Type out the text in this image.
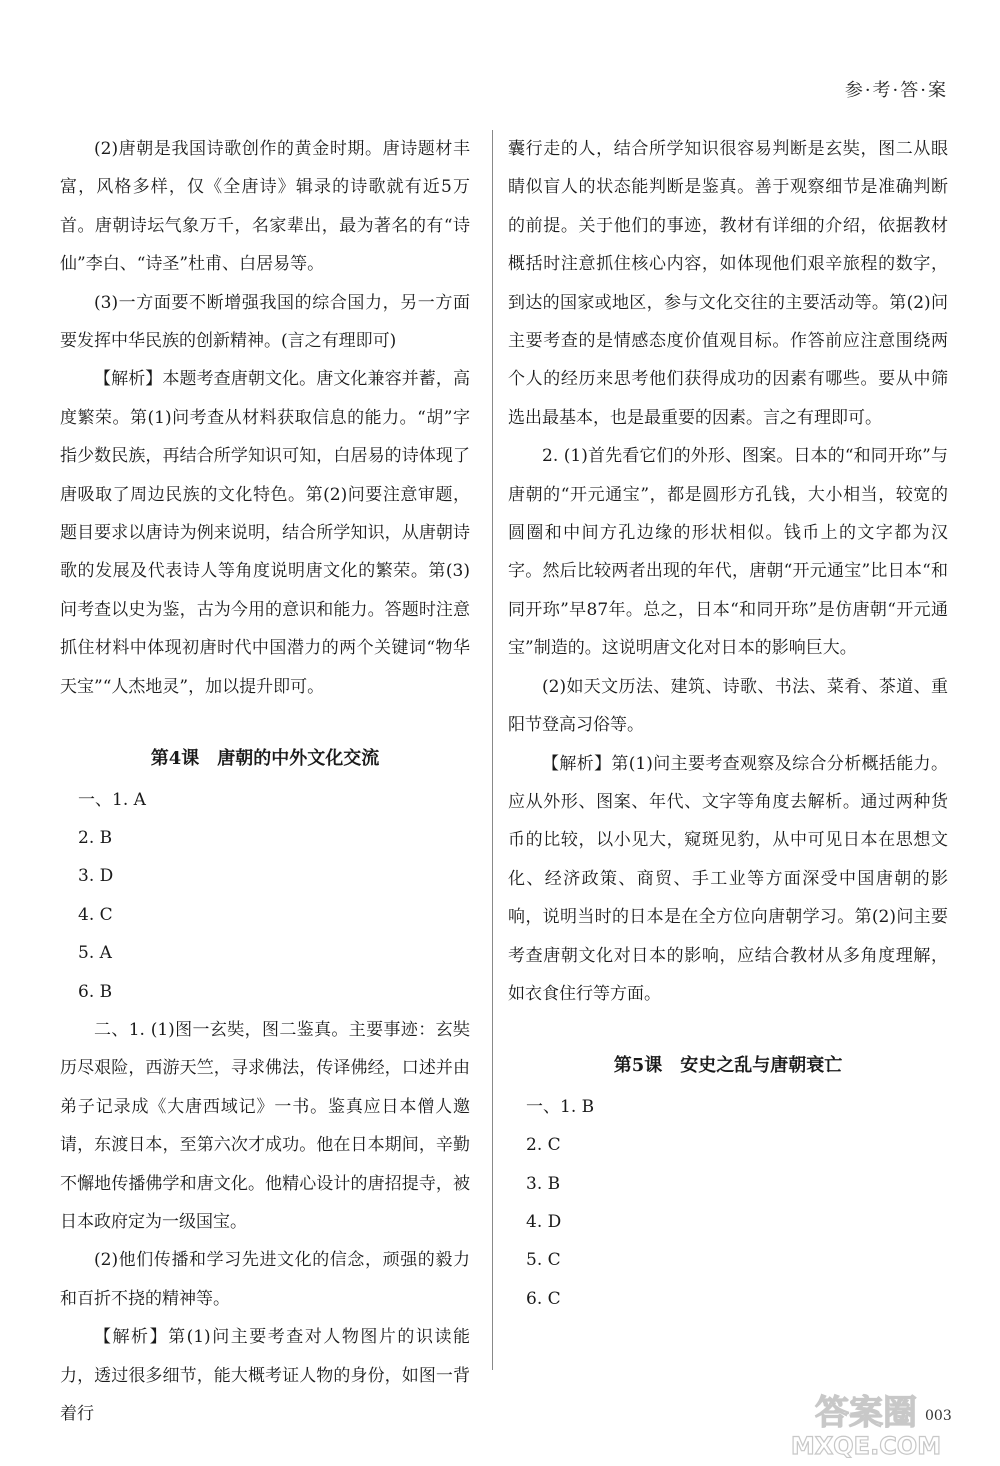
参·考·答·案

(2)唐朝是我国诗歌创作的黄金时期。唐诗题材丰富，风格多样，仅《全唐诗》辑录的诗歌就有近5万首。唐朝诗坛气象万千，名家辈出，最为著名的有“诗仙”李白、“诗圣”杜甫、白居易等。

(3)一方面要不断增强我国的综合国力，另一方面要发挥中华民族的创新精神。(言之有理即可)

【解析】本题考查唐朝文化。唐文化兼容并蓄，高度繁荣。第(1)问考查从材料获取信息的能力。“胡”字指少数民族，再结合所学知识可知，白居易的诗体现了唐吸取了周边民族的文化特色。第(2)问要注意审题，题目要求以唐诗为例来说明，结合所学知识，从唐朝诗歌的发展及代表诗人等角度说明唐文化的繁荣。第(3)问考查以史为鉴，古为今用的意识和能力。答题时注意抓住材料中体现初唐时代中国潜力的两个关键词“物华天宝”“人杰地灵”，加以提升即可。

第4课　唐朝的中外文化交流

一、1. A

2. B

3. D

4. C

5. A

6. B

二、1. (1)图一玄奘，图二鉴真。主要事迹：玄奘历尽艰险，西游天竺，寻求佛法，传译佛经，口述并由弟子记录成《大唐西域记》一书。鉴真应日本僧人邀请，东渡日本，至第六次才成功。他在日本期间，辛勤不懈地传播佛学和唐文化。他精心设计的唐招提寺，被日本政府定为一级国宝。

(2)他们传播和学习先进文化的信念，顽强的毅力和百折不挠的精神等。

【解析】第(1)问主要考查对人物图片的识读能力，透过很多细节，能大概考证人物的身份，如图一背着行

囊行走的人，结合所学知识很容易判断是玄奘，图二从眼睛似盲人的状态能判断是鉴真。善于观察细节是准确判断的前提。关于他们的事迹，教材有详细的介绍，依据教材概括时注意抓住核心内容，如体现他们艰辛旅程的数字，到达的国家或地区，参与文化交往的主要活动等。第(2)问主要考查的是情感态度价值观目标。作答前应注意围绕两个人的经历来思考他们获得成功的因素有哪些。要从中筛选出最基本，也是最重要的因素。言之有理即可。

2. (1)首先看它们的外形、图案。日本的“和同开珎”与唐朝的“开元通宝”，都是圆形方孔钱，大小相当，较宽的圆圈和中间方孔边缘的形状相似。钱币上的文字都为汉字。然后比较两者出现的年代，唐朝“开元通宝”比日本“和同开珎”早87年。总之，日本“和同开珎”是仿唐朝“开元通宝”制造的。这说明唐文化对日本的影响巨大。

(2)如天文历法、建筑、诗歌、书法、菜肴、茶道、重阳节登高习俗等。

【解析】第(1)问主要考查观察及综合分析概括能力。应从外形、图案、年代、文字等角度去解析。通过两种货币的比较，以小见大，窥斑见豹，从中可见日本在思想文化、经济政策、商贸、手工业等方面深受中国唐朝的影响，说明当时的日本是在全方位向唐朝学习。第(2)问主要考查唐朝文化对日本的影响，应结合教材从多角度理解，如衣食住行等方面。

第5课　安史之乱与唐朝衰亡

一、1. B

2. C

3. B

4. D

5. C

6. C

003
答案圈
MXQE.COM
